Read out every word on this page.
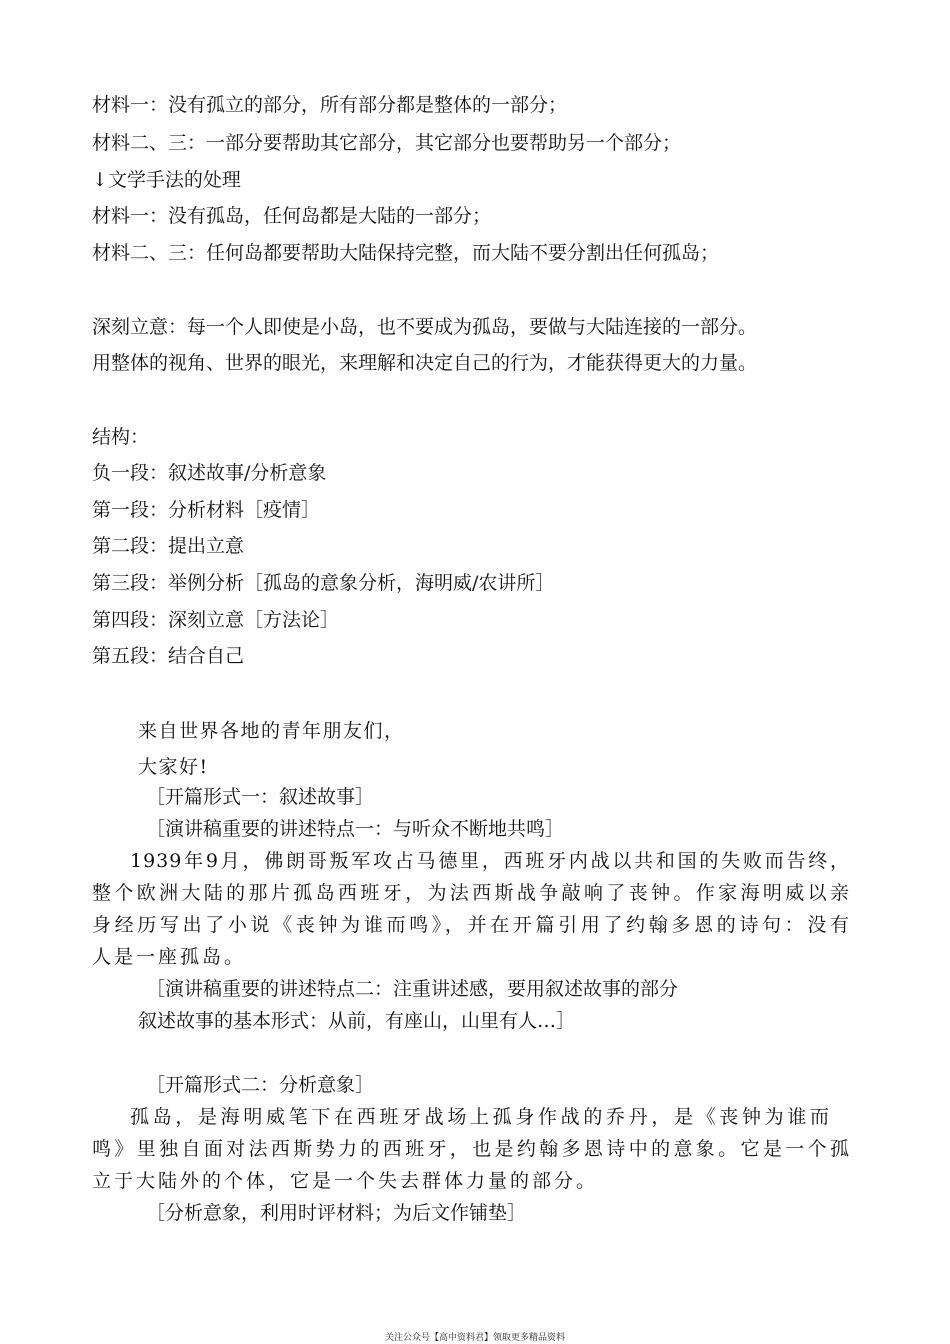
材料一：没有孤立的部分，所有部分都是整体的一部分；
材料二、三：一部分要帮助其它部分，其它部分也要帮助另一个部分；
↓文学手法的处理
材料一：没有孤岛，任何岛都是大陆的一部分；
材料二、三：任何岛都要帮助大陆保持完整，而大陆不要分割出任何孤岛；
深刻立意：每一个人即使是小岛，也不要成为孤岛，要做与大陆连接的一部分。
用整体的视角、世界的眼光，来理解和决定自己的行为，才能获得更大的力量。
结构：
负一段：叙述故事/分析意象
第一段：分析材料［疫情］
第二段：提出立意
第三段：举例分析［孤岛的意象分析，海明威/农讲所］
第四段：深刻立意［方法论］
第五段：结合自己
来自世界各地的青年朋友们，
大家好!
［开篇形式一：叙述故事］
［演讲稿重要的讲述特点一：与听众不断地共鸣］
1939年9月，佛朗哥叛军攻占马德里，西班牙内战以共和国的失败而告终，
整个欧洲大陆的那片孤岛西班牙，为法西斯战争敲响了丧钟。作家海明威以亲
身经历写出了小说《丧钟为谁而鸣》，并在开篇引用了约翰多恩的诗句：没有
人是一座孤岛。
［演讲稿重要的讲述特点二：注重讲述感，要用叙述故事的部分
叙述故事的基本形式：从前，有座山，山里有人…］
［开篇形式二：分析意象］
孤岛，是海明威笔下在西班牙战场上孤身作战的乔丹，是《丧钟为谁而
鸣》里独自面对法西斯势力的西班牙，也是约翰多恩诗中的意象。它是一个孤
立于大陆外的个体，它是一个失去群体力量的部分。
［分析意象，利用时评材料；为后文作铺垫］
关注公众号【高中资料君】领取更多精品资料
